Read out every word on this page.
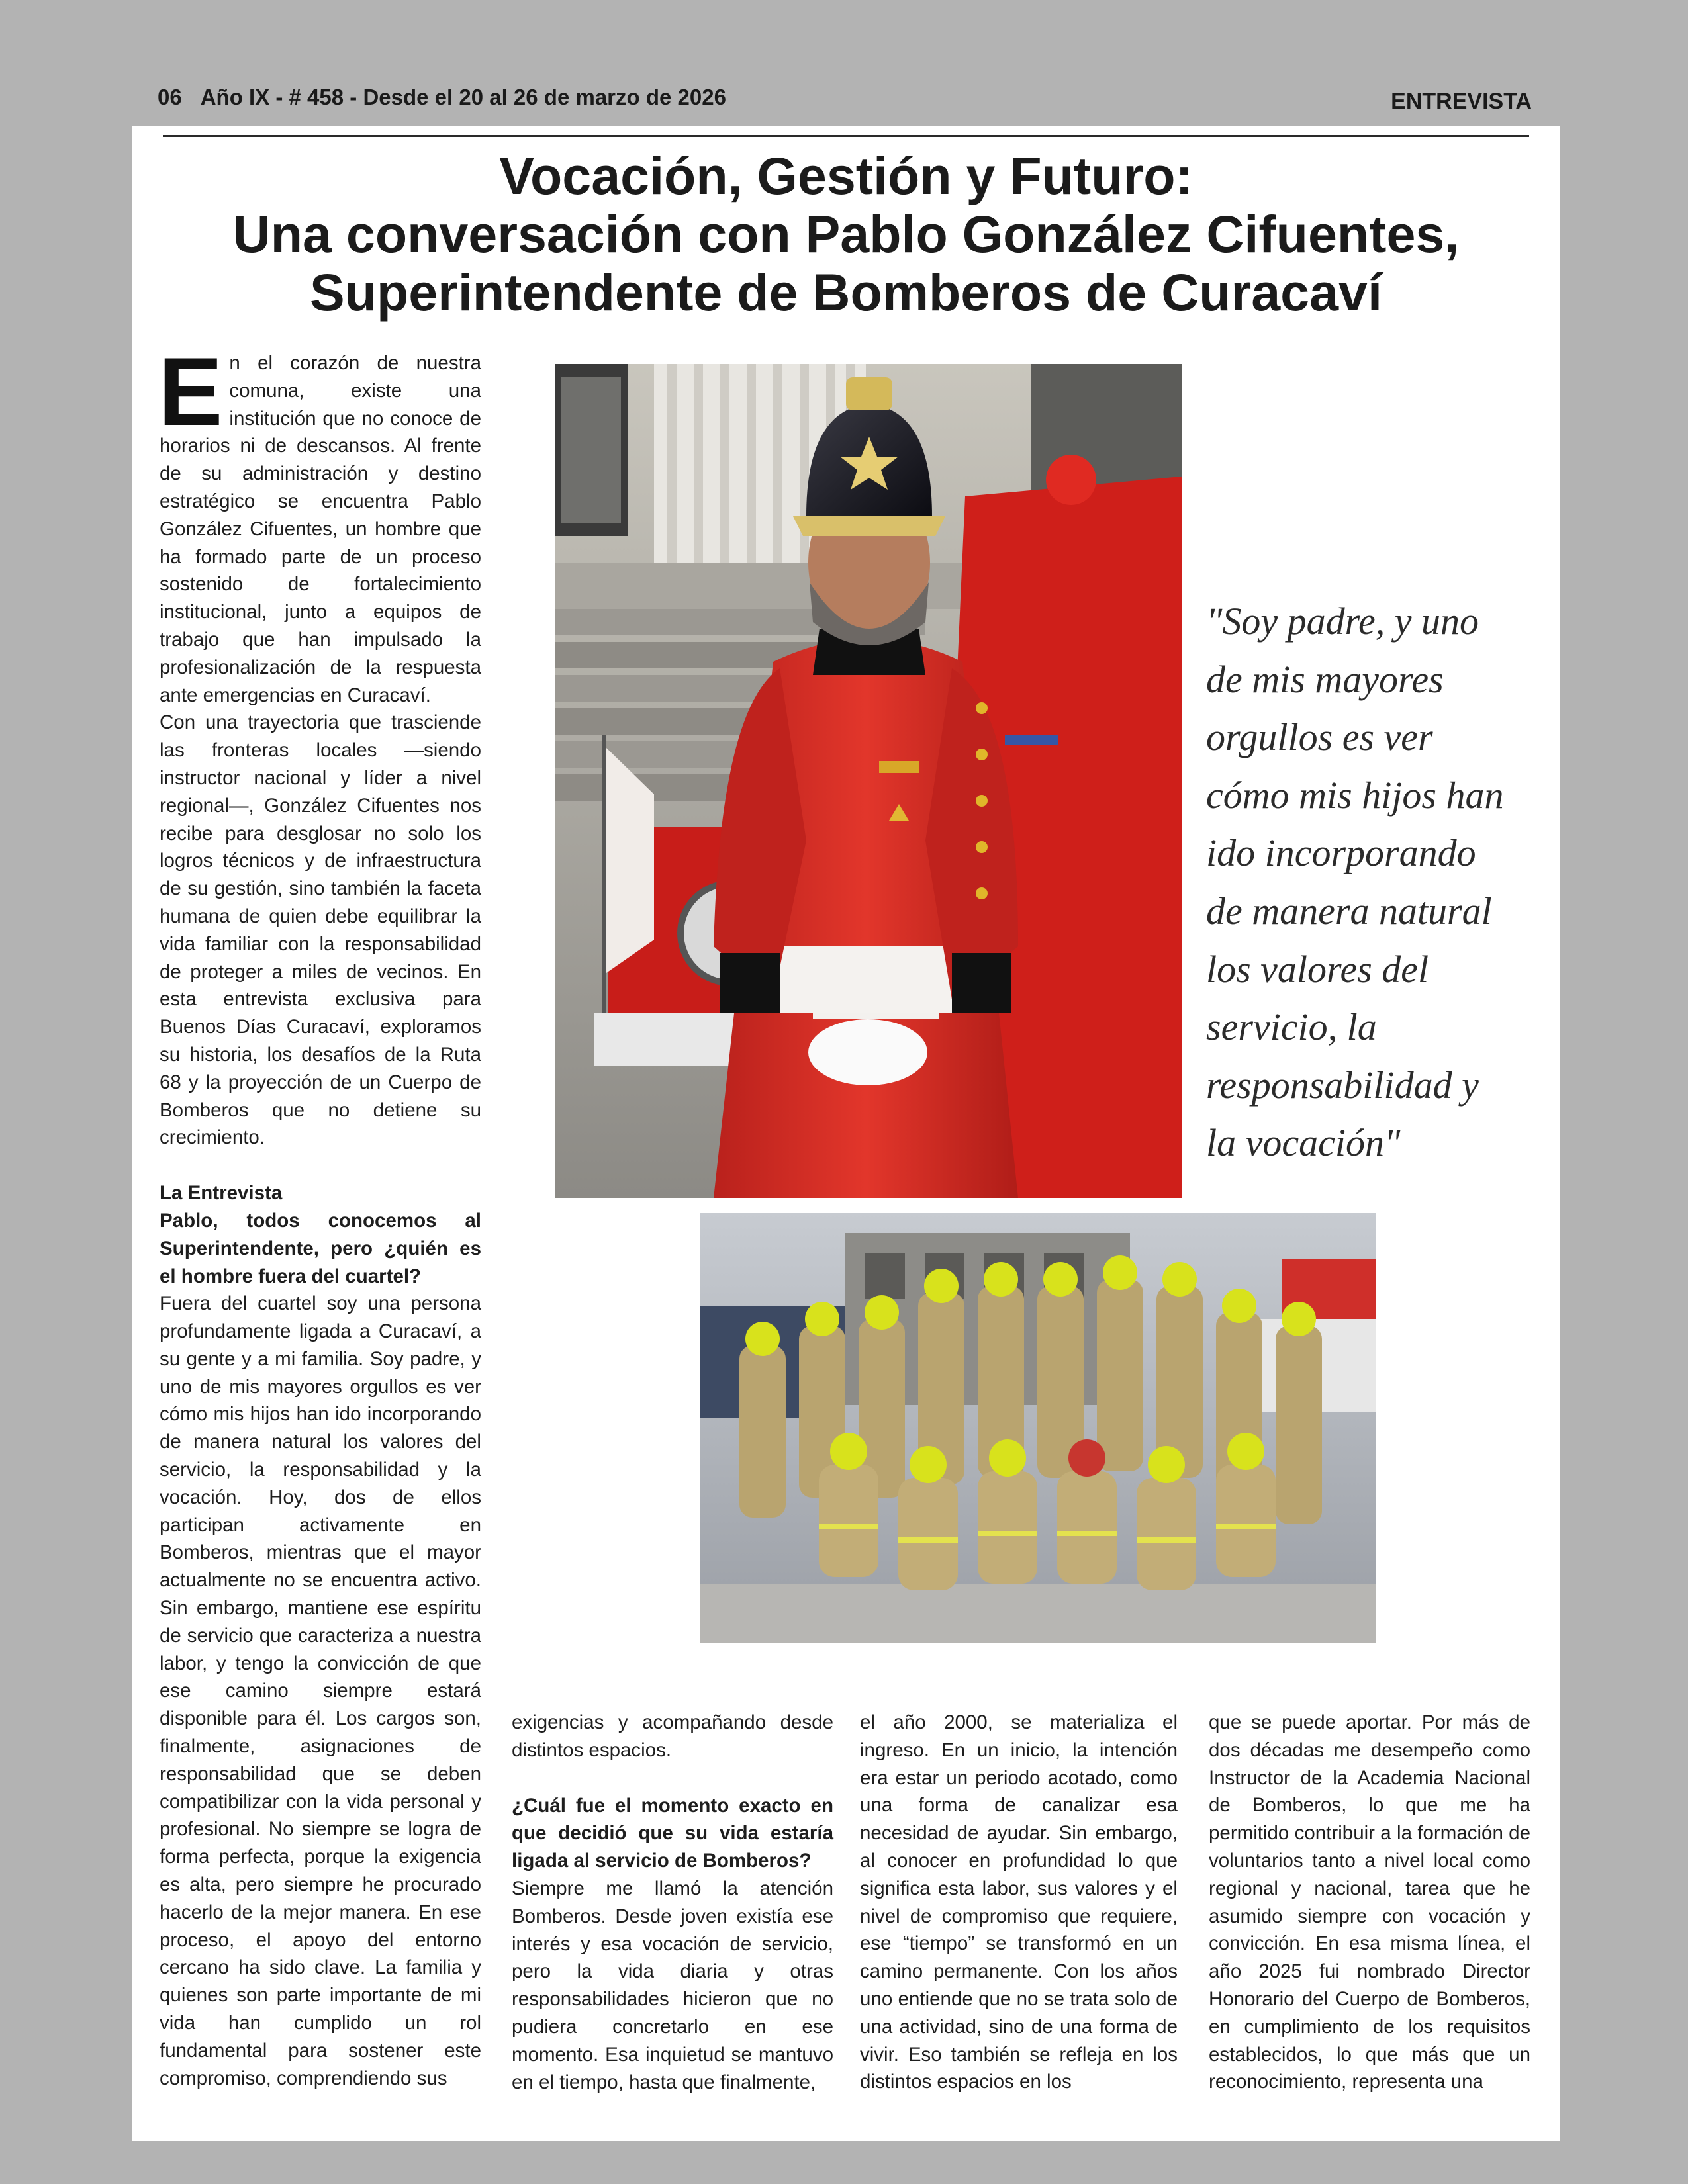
06 Año IX - # 458 - Desde el 20 al 26 de marzo de 2026	ENTREVISTA
Vocación, Gestión y Futuro:
Una conversación con Pablo González Cifuentes,
Superintendente de Bomberos de Curacaví

En el corazón de nuestra comuna, existe una institución que no conoce de horarios ni de descansos. Al frente de su administración y destino estratégico se encuentra Pablo González Cifuentes, un hombre que ha formado parte de un proceso sostenido de fortalecimiento institucional, junto a equipos de trabajo que han impulsado la profesionalización de la respuesta ante emergencias en Curacaví.

Con una trayectoria que trasciende las fronteras locales —siendo instructor nacional y líder a nivel regional—, González Cifuentes nos recibe para desglosar no solo los logros técnicos y de infraestructura de su gestión, sino también la faceta humana de quien debe equilibrar la vida familiar con la responsabilidad de proteger a miles de vecinos. En esta entrevista exclusiva para Buenos Días Curacaví, exploramos su historia, los desafíos de la Ruta 68 y la proyección de un Cuerpo de Bomberos que no detiene su crecimiento.

La Entrevista

Pablo, todos conocemos al Superintendente, pero ¿quién es el hombre fuera del cuartel?

Fuera del cuartel soy una persona profundamente ligada a Curacaví, a su gente y a mi familia. Soy padre, y uno de mis mayores orgullos es ver cómo mis hijos han ido incorporando de manera natural los valores del servicio, la responsabilidad y la vocación. Hoy, dos de ellos participan activamente en Bomberos, mientras que el mayor actualmente no se encuentra activo. Sin embargo, mantiene ese espíritu de servicio que caracteriza a nuestra labor, y tengo la convicción de que ese camino siempre estará disponible para él. Los cargos son, finalmente, asignaciones de responsabilidad que se deben compatibilizar con la vida personal y profesional. No siempre se logra de forma perfecta, porque la exigencia es alta, pero siempre he procurado hacerlo de la mejor manera. En ese proceso, el apoyo del entorno cercano ha sido clave. La familia y quienes son parte importante de mi vida han cumplido un rol fundamental para sostener este compromiso, comprendiendo sus

exigencias y acompañando desde distintos espacios.

¿Cuál fue el momento exacto en que decidió que su vida estaría ligada al servicio de Bomberos?

Siempre me llamó la atención Bomberos. Desde joven existía ese interés y esa vocación de servicio, pero la vida diaria y otras responsabilidades hicieron que no pudiera concretarlo en ese momento. Esa inquietud se mantuvo en el tiempo, hasta que finalmente,

el año 2000, se materializa el ingreso. En un inicio, la intención era estar un periodo acotado, como una forma de canalizar esa necesidad de ayudar. Sin embargo, al conocer en profundidad lo que significa esta labor, sus valores y el nivel de compromiso que requiere, ese “tiempo” se transformó en un camino permanente. Con los años uno entiende que no se trata solo de una actividad, sino de una forma de vivir. Eso también se refleja en los distintos espacios en los

que se puede aportar. Por más de dos décadas me desempeño como Instructor de la Academia Nacional de Bomberos, lo que me ha permitido contribuir a la formación de voluntarios tanto a nivel local como regional y nacional, tarea que he asumido siempre con vocación y convicción. En esa misma línea, el año 2025 fui nombrado Director Honorario del Cuerpo de Bomberos, en cumplimiento de los requisitos establecidos, lo que más que un reconocimiento, representa una

"Soy padre, y uno de mis mayores orgullos es ver cómo mis hijos han ido incorporando de manera natural los valores del servicio, la responsabilidad y la vocación"
